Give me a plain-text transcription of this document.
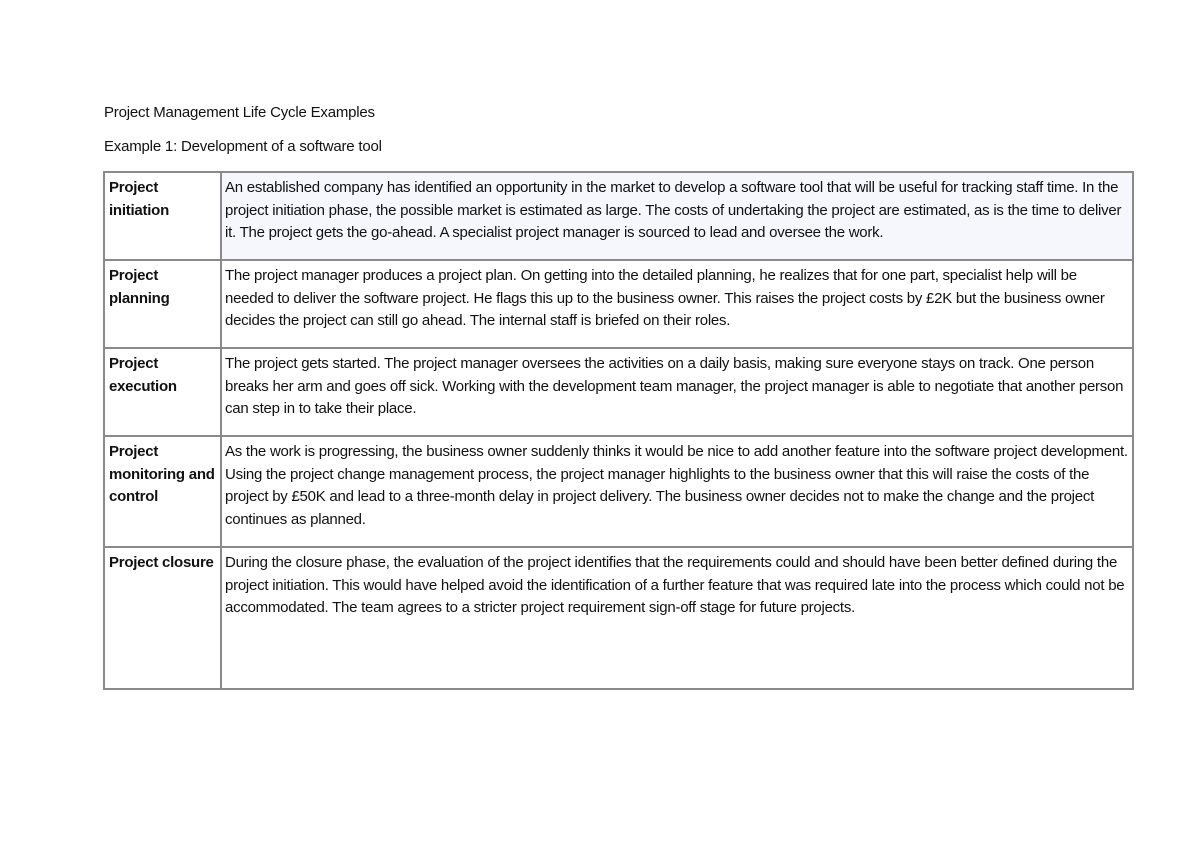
Project Management Life Cycle Examples
Example 1: Development of a software tool
Project initiation	An established company has identified an opportunity in the market to develop a software tool that will be useful for tracking staff time. In the project initiation phase, the possible market is estimated as large. The costs of undertaking the project are estimated, as is the time to deliver it. The project gets the go-ahead. A specialist project manager is sourced to lead and oversee the work.
Project planning	The project manager produces a project plan. On getting into the detailed planning, he realizes that for one part, specialist help will be needed to deliver the software project. He flags this up to the business owner. This raises the project costs by £2K but the business owner decides the project can still go ahead. The internal staff is briefed on their roles.
Project execution	The project gets started. The project manager oversees the activities on a daily basis, making sure everyone stays on track. One person breaks her arm and goes off sick. Working with the development team manager, the project manager is able to negotiate that another person can step in to take their place.
Project monitoring and control	As the work is progressing, the business owner suddenly thinks it would be nice to add another feature into the software project development. Using the project change management process, the project manager highlights to the business owner that this will raise the costs of the project by £50K and lead to a three-month delay in project delivery. The business owner decides not to make the change and the project continues as planned.
Project closure	During the closure phase, the evaluation of the project identifies that the requirements could and should have been better defined during the project initiation. This would have helped avoid the identification of a further feature that was required late into the process which could not be accommodated. The team agrees to a stricter project requirement sign-off stage for future projects.
